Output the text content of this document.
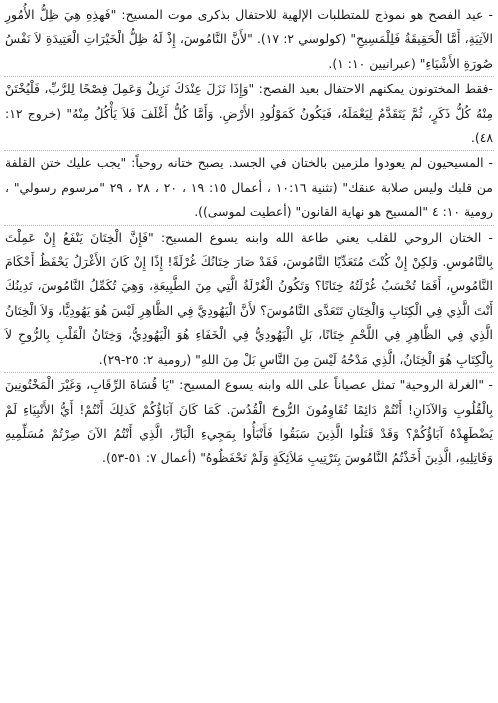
- عيد الفصح هو نموذج للمتطلبات الإلهية للاحتفال بذكرى موت المسيح: "فَهذِهِ هِيَ ظِلُّ الأُمُورِ الآتِيَةِ، أَمَّا الْحَقِيقَةُ فَلِلْمَسِيحِ" (كولوسي ٢: ١٧). "لأَنَّ النَّامُوسَ، إِذْ لَهُ ظِلُّ الْخَيْرَاتِ الْعَتِيدَةِ لاَ نَفْسُ صُورَةِ الأَشْيَاءِ" (عبرانيين ١٠: ١).

-فقط المختونون يمكنهم الاحتفال بعيد الفصح: "وَإِذَا نَزَلَ عِنْدَكَ نَزِيلٌ وَعَمِلَ فِصْحًا لِلرَّبِّ، فَلْيُخْتَنْ مِنْهُ كُلُّ ذَكَرٍ، ثُمَّ يَتَقَدَّمُ لِيَعْمَلَهُ، فَيَكُونُ كَمَوْلُودِ الأَرْضِ. وَأَمَّا كُلُّ أَغْلَفَ فَلاَ يَأْكُلُ مِنْهُ" (خروج ١٢: ٤٨).

- المسيحيون لم يعودوا ملزمين بالختان في الجسد. يصبح ختانه روحياً: "يجب عليك ختن القلفة من قلبك وليس صلابة عنقك" (تثنية ١٠:١٦ ، أعمال ١٥: ١٩ ، ٢٠ ، ٢٨ ، ٢٩ "مرسوم رسولي" ، رومية ١٠: ٤ "المسيح هو نهاية القانون" (أعطيت لموسى)).

- الختان الروحي للقلب يعني طاعة الله وابنه يسوع المسيح: "فَإِنَّ الْخِتَانَ يَنْفَعُ إِنْ عَمِلْتَ بِالنَّامُوسِ. وَلكِنْ إِنْ كُنْتَ مُتَعَدِّيًا النَّامُوسَ، فَقَدْ صَارَ خِتَانُكَ غُرْلَةً! إِذًا إِنْ كَانَ الأَغْرَلُ يَحْفَظُ أَحْكَامَ النَّامُوسِ، أَفَمَا تُحْسَبُ غُرْلَتُهُ خِتَانًا؟ وَتَكُونُ الْغُرْلَةُ الَّتِي مِنَ الطَّبِيعَةِ، وَهِيَ تُكَمِّلُ النَّامُوسَ، تَدِينُكَ أَنْتَ الَّذِي فِي الْكِتَابِ وَالْخِتَانِ تَتَعَدَّى النَّامُوسَ؟ لأَنَّ الْيَهُودِيَّ فِي الظَّاهِرِ لَيْسَ هُوَ يَهُودِيًّا، وَلاَ الْخِتَانُ الَّذِي فِي الظَّاهِرِ فِي اللَّحْمِ خِتَانًا، بَلِ الْيَهُودِيُّ فِي الْخَفَاءِ هُوَ الْيَهُودِيُّ، وَخِتَانُ الْقَلْبِ بِالرُّوحِ لاَ بِالْكِتَابِ هُوَ الْخِتَانُ، الَّذِي مَدْحُهُ لَيْسَ مِنَ النَّاسِ بَلْ مِنَ اللهِ" (رومية ٢: ٢٥-٢٩).

- "الغرلة الروحية" تمثل عصياناً على الله وابنه يسوع المسيح: "يَا قُسَاةَ الرِّقَابِ، وَغَيْرَ الْمَخْتُونِينَ بِالْقُلُوبِ وَالآذَانِ! أَنْتُمْ دَائِمًا تُقَاوِمُونَ الرُّوحَ الْقُدُسَ. كَمَا كَانَ آبَاؤُكُمْ كَذلِكَ أَنْتُمْ! أَيُّ الأَنْبِيَاءِ لَمْ يَضْطَهِدْهُ آبَاؤُكُمْ؟ وَقَدْ قَتَلُوا الَّذِينَ سَبَقُوا فَأَنْبَأُوا بِمَجِيءِ الْبَارِّ، الَّذِي أَنْتُمُ الآنَ صِرْتُمْ مُسَلِّمِيهِ وَقَاتِلِيهِ، الَّذِينَ أَخَذْتُمُ النَّامُوسَ بِتَرْتِيبِ مَلاَئِكَةٍ وَلَمْ تَحْفَظُوهُ" (أعمال ٧: ٥١-٥٣).
